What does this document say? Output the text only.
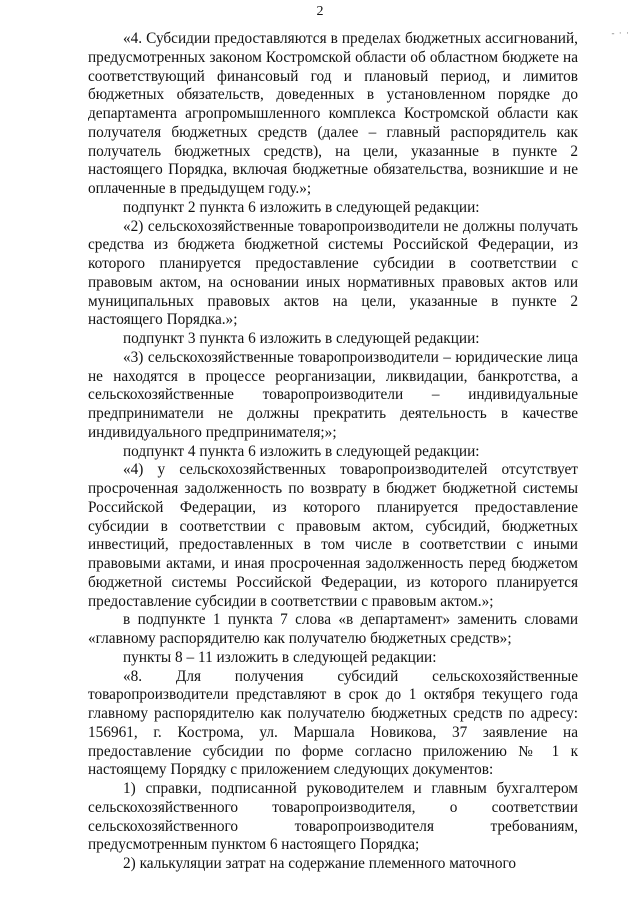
2
- · ·

«4. Субсидии предоставляются в пределах бюджетных ассигнований, предусмотренных законом Костромской области об областном бюджете на соответствующий финансовый год и плановый период, и лимитов бюджетных обязательств, доведенных в установленном порядке до департамента агропромышленного комплекса Костромской области как получателя бюджетных средств (далее – главный распорядитель как получатель бюджетных средств), на цели, указанные в пункте 2 настоящего Порядка, включая бюджетные обязательства, возникшие и не оплаченные в предыдущем году.»;

подпункт 2 пункта 6 изложить в следующей редакции:

«2) сельскохозяйственные товаропроизводители не должны получать средства из бюджета бюджетной системы Российской Федерации, из которого планируется предоставление субсидии в соответствии с правовым актом, на основании иных нормативных правовых актов или муниципальных правовых актов на цели, указанные в пункте 2 настоящего Порядка.»;

подпункт 3 пункта 6 изложить в следующей редакции:

«3) сельскохозяйственные товаропроизводители – юридические лица не находятся в процессе реорганизации, ликвидации, банкротства, а сельскохозяйственные товаропроизводители – индивидуальные предприниматели не должны прекратить деятельность в качестве индивидуального предпринимателя;»;

подпункт 4 пункта 6 изложить в следующей редакции:

«4) у сельскохозяйственных товаропроизводителей отсутствует просроченная задолженность по возврату в бюджет бюджетной системы Российской Федерации, из которого планируется предоставление субсидии в соответствии с правовым актом, субсидий, бюджетных инвестиций, предоставленных в том числе в соответствии с иными правовыми актами, и иная просроченная задолженность перед бюджетом бюджетной системы Российской Федерации, из которого планируется предоставление субсидии в соответствии с правовым актом.»;

в подпункте 1 пункта 7 слова «в департамент» заменить словами «главному распорядителю как получателю бюджетных средств»;

пункты 8 – 11 изложить в следующей редакции:

«8. Для получения субсидий сельскохозяйственные товаропроизводители представляют в срок до 1 октября текущего года главному распорядителю как получателю бюджетных средств по адресу: 156961, г. Кострома, ул. Маршала Новикова, 37 заявление на предоставление субсидии по форме согласно приложению № 1 к настоящему Порядку с приложением следующих документов:

1) справки, подписанной руководителем и главным бухгалтером сельскохозяйственного товаропроизводителя, о соответствии сельскохозяйственного товаропроизводителя требованиям, предусмотренным пунктом 6 настоящего Порядка;

2) калькуляции затрат на содержание племенного маточного
